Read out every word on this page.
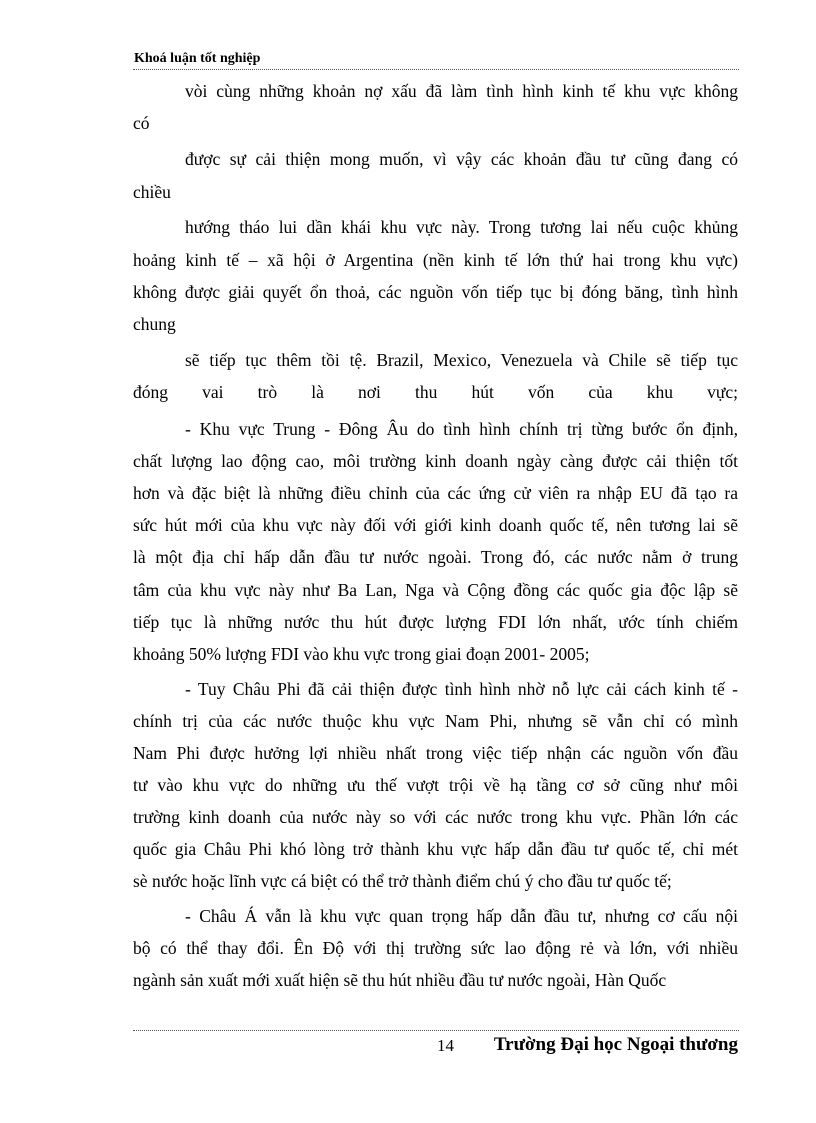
Khoá luận tốt nghiệp
vòi cùng những khoản nợ xấu đã làm tình hình kinh tế khu vực không
có
được sự cải thiện mong muốn, vì vậy các khoản đầu tư cũng đang có
chiều
hướng tháo lui dần khái khu vực này. Trong tương lai nếu cuộc khủng
hoảng kinh tế – xã hội ở Argentina (nền kinh tế lớn thứ hai trong khu vực)
không được giải quyết ổn thoả, các nguồn vốn tiếp tục bị đóng băng, tình hình
chung
sẽ tiếp tục thêm tồi tệ. Brazil, Mexico, Venezuela và Chile sẽ tiếp tục
đóng vai trò là nơi thu hút vốn của khu vực;
- Khu vực Trung - Đông Âu do tình hình chính trị từng bước ổn định,
chất lượng lao động cao, môi trường kinh doanh ngày càng được cải thiện tốt
hơn và đặc biệt là những điều chỉnh của các ứng cử viên ra nhập EU đã tạo ra
sức hút mới của khu vực này đối với giới kinh doanh quốc tế, nên tương lai sẽ
là một địa chỉ hấp dẫn đầu tư nước ngoài. Trong đó, các nước nằm ở trung
tâm của khu vực này như Ba Lan, Nga và Cộng đồng các quốc gia độc lập sẽ
tiếp tục là những nước thu hút được lượng FDI lớn nhất, ước tính chiếm
khoảng 50% lượng FDI vào khu vực trong giai đoạn 2001- 2005;
- Tuy Châu Phi đã cải thiện được tình hình nhờ nỗ lực cải cách kinh tế -
chính trị của các nước thuộc khu vực Nam Phi, nhưng sẽ vẫn chỉ có mình
Nam Phi được hưởng lợi nhiều nhất trong việc tiếp nhận các nguồn vốn đầu
tư vào khu vực do những ưu thế vượt trội về hạ tầng cơ sở cũng như môi
trường kinh doanh của nước này so với các nước trong khu vực. Phần lớn các
quốc gia Châu Phi khó lòng trở thành khu vực hấp dẫn đầu tư quốc tế, chỉ mét
sè nước hoặc lĩnh vực cá biệt có thể trở thành điểm chú ý cho đầu tư quốc tế;
- Châu Á vẫn là khu vực quan trọng hấp dẫn đầu tư, nhưng cơ cấu nội
bộ có thể thay đổi. Ên Độ với thị trường sức lao động rẻ và lớn, với nhiều
ngành sản xuất mới xuất hiện sẽ thu hút nhiều đầu tư nước ngoài, Hàn Quốc
14 Trường Đại học Ngoại thương
